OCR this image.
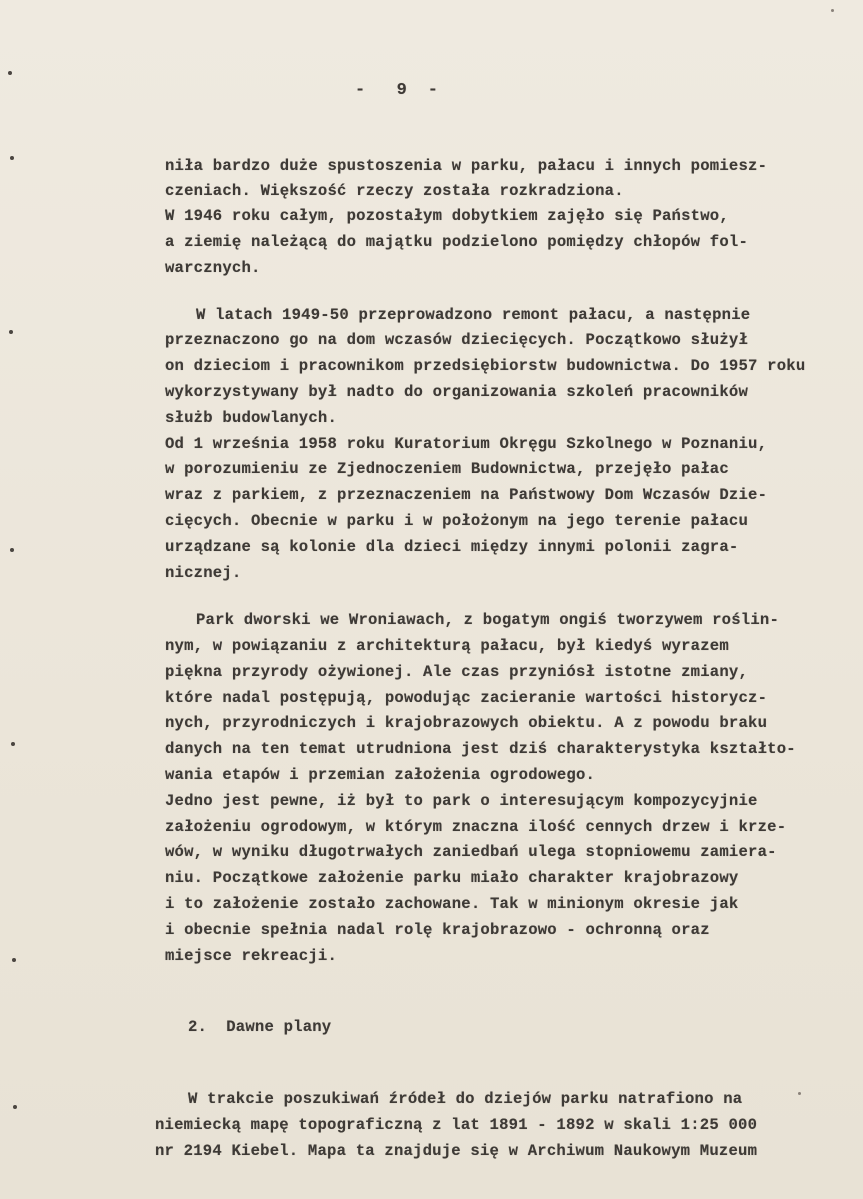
-   9  -
niła bardzo duże spustoszenia w parku, pałacu i innych pomiesz-
czeniach. Większość rzeczy została rozkradziona.
W 1946 roku całym, pozostałym dobytkiem zajęło się Państwo,
a ziemię należącą do majątku podzielono pomiędzy chłopów fol-
warcznych.
W latach 1949-50 przeprowadzono remont pałacu, a następnie
przeznaczono go na dom wczasów dziecięcych. Początkowo służył
on dzieciom i pracownikom przedsiębiorstw budownictwa. Do 1957 roku
wykorzystywany był nadto do organizowania szkoleń pracowników
służb budowlanych.
Od 1 września 1958 roku Kuratorium Okręgu Szkolnego w Poznaniu,
w porozumieniu ze Zjednoczeniem Budownictwa, przejęło pałac
wraz z parkiem, z przeznaczeniem na Państwowy Dom Wczasów Dzie-
cięcych. Obecnie w parku i w położonym na jego terenie pałacu
urządzane są kolonie dla dzieci między innymi polonii zagra-
nicznej.
Park dworski we Wroniawach, z bogatym ongiś tworzywem roślin-
nym, w powiązaniu z architekturą pałacu, był kiedyś wyrazem
piękna przyrody ożywionej. Ale czas przyniósł istotne zmiany,
które nadal postępują, powodując zacieranie wartości historycz-
nych, przyrodniczych i krajobrazowych obiektu. A z powodu braku
danych na ten temat utrudniona jest dziś charakterystyka kształto-
wania etapów i przemian założenia ogrodowego.
Jedno jest pewne, iż był to park o interesującym kompozycyjnie
założeniu ogrodowym, w którym znaczna ilość cennych drzew i krze-
wów, w wyniku długotrwałych zaniedbań ulega stopniowemu zamiera-
niu. Początkowe założenie parku miało charakter krajobrazowy
i to założenie zostało zachowane. Tak w minionym okresie jak
i obecnie spełnia nadal rolę krajobrazowo - ochronną oraz
miejsce rekreacji.
2.  Dawne plany
W trakcie poszukiwań źródeł do dziejów parku natrafiono na
niemiecką mapę topograficzną z lat 1891 - 1892 w skali 1:25 000
nr 2194 Kiebel. Mapa ta znajduje się w Archiwum Naukowym Muzeum
